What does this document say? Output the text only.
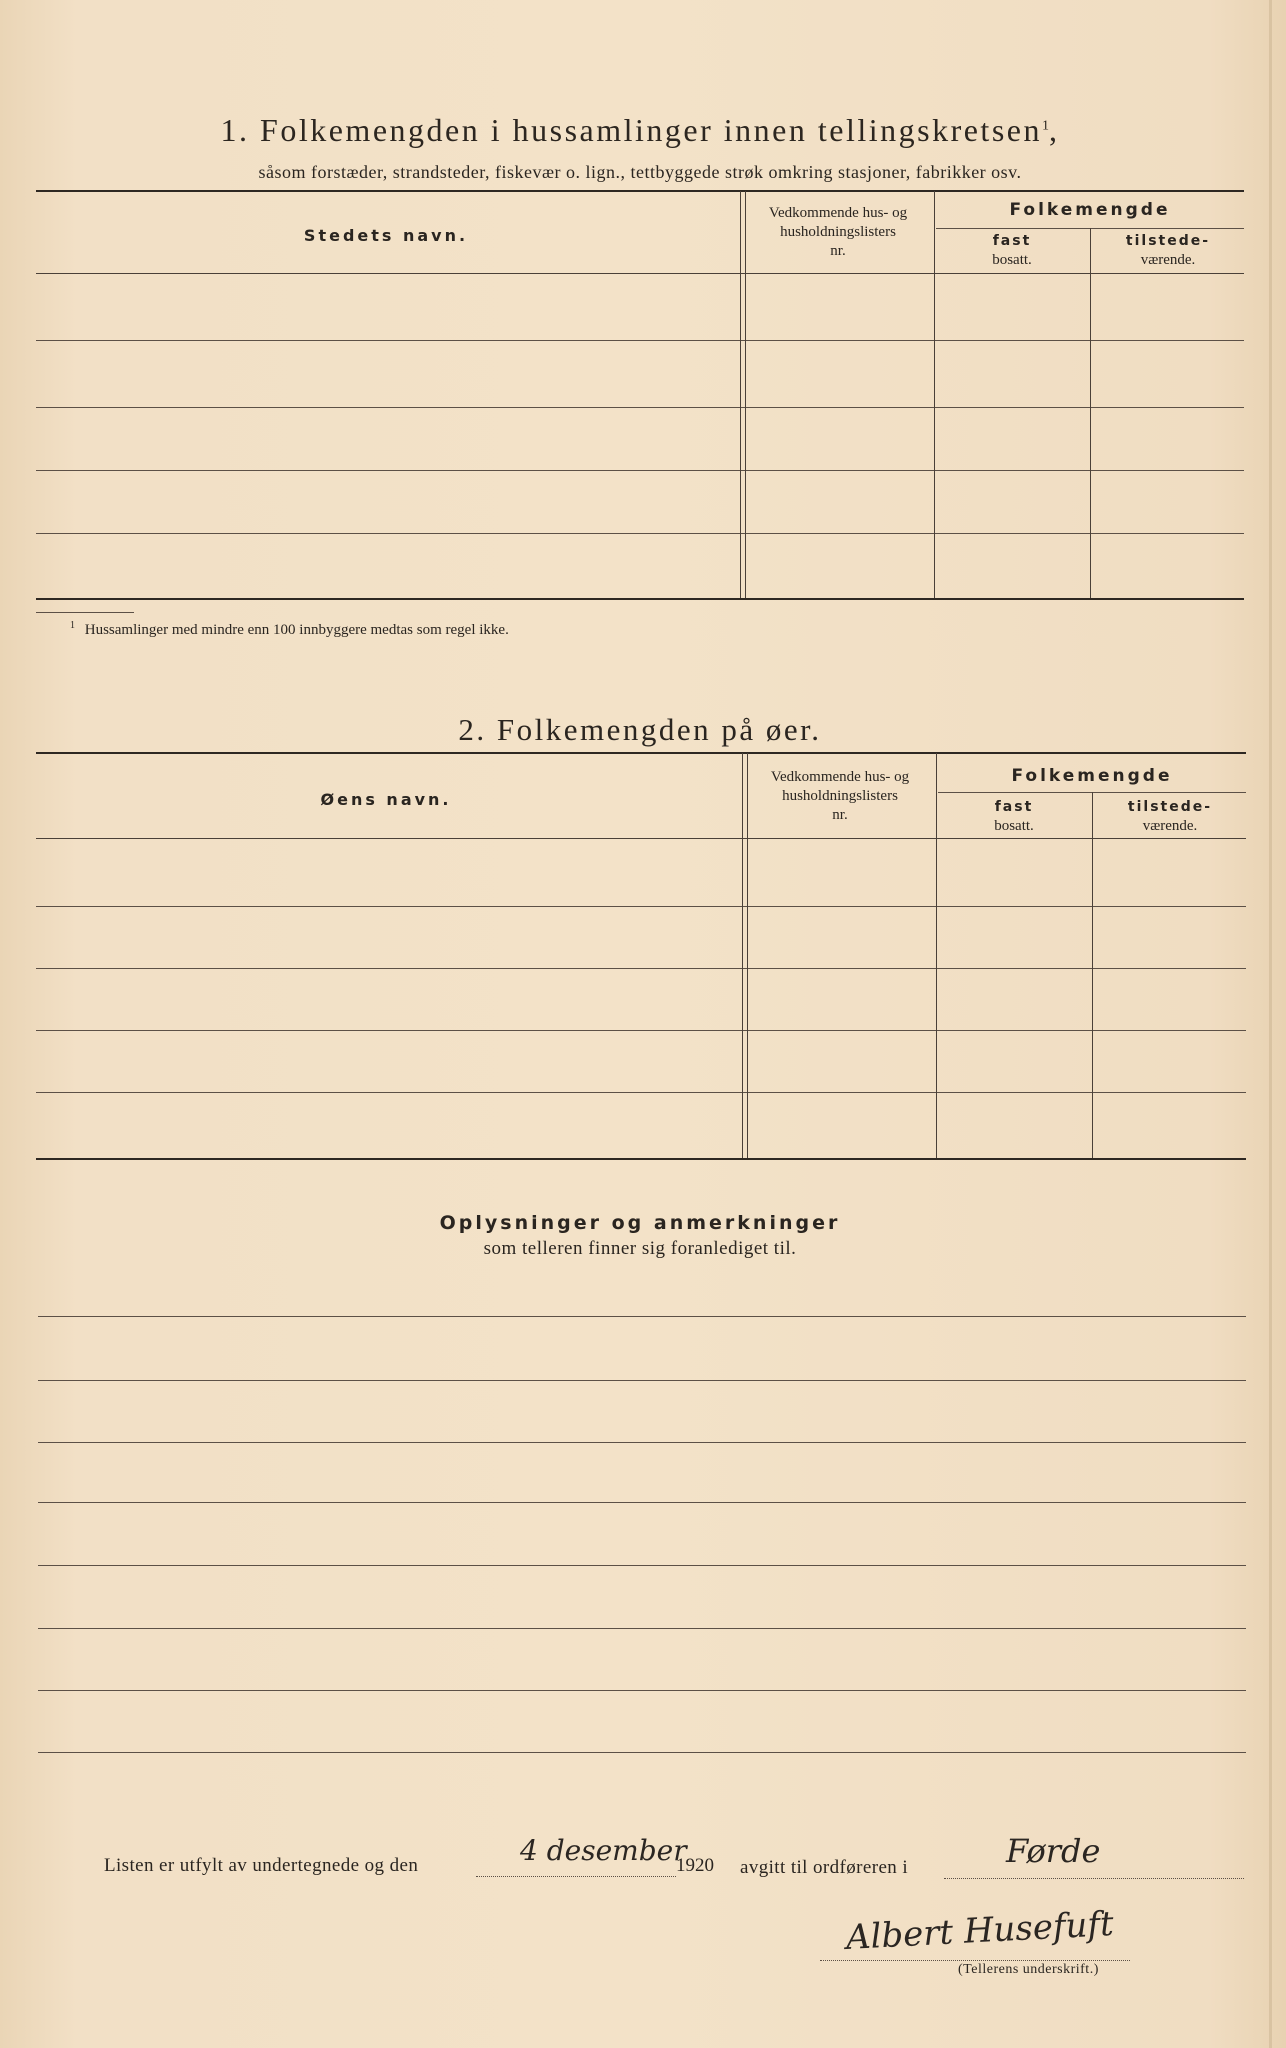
1. Folkemengden i hussamlinger innen tellingskretsen$^1$,
såsom forstæder, strandsteder, fiskevær o. lign., tettbyggede strøk omkring stasjoner, fabrikker osv.
Stedets navn.
Vedkommende hus- og
husholdningslisters
nr.
Folkemengde
fast
bosatt.
tilstede-
værende.
$^1$ Hussamlinger med mindre enn 100 innbyggere medtas som regel ikke.
2. Folkemengden på øer.
Øens navn.
Vedkommende hus- og
husholdningslisters
nr.
Folkemengde
fast
bosatt.
tilstede-
værende.
Oplysninger og anmerkninger
som telleren finner sig foranlediget til.
Listen er utfylt av undertegnede og den	4 desember
1920 avgitt til ordføreren i	Førde
Albert Husefuft
(Tellerens underskrift.)
